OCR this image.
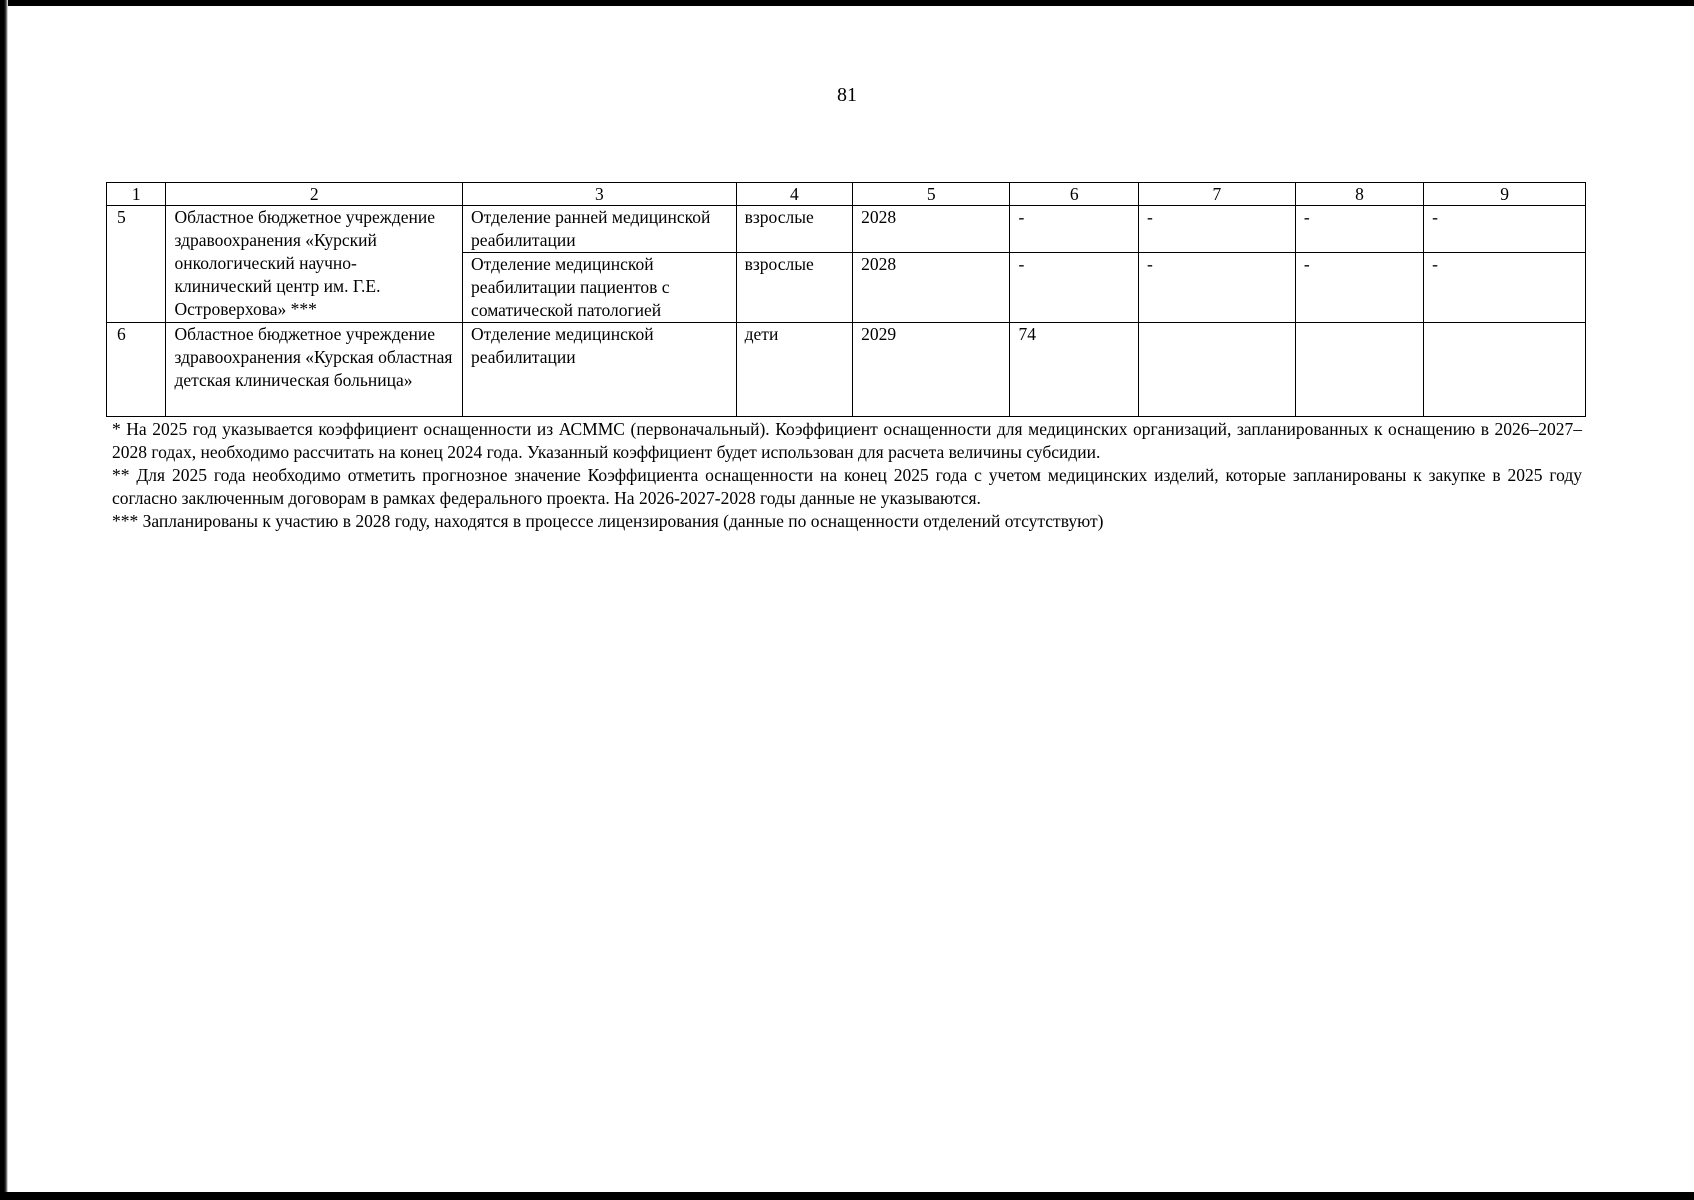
81
1	2	3	4	5	6	7	8	9
5	Областное бюджетное учреждение здравоохранения «Курский онкологический научно-клинический центр им. Г.Е. Островерхова» ***	Отделение ранней медицинской реабилитации	взрослые	2028	-	-	-	-
		Отделение медицинской реабилитации пациентов с соматической патологией	взрослые	2028	-	-	-	-
6	Областное бюджетное учреждение здравоохранения «Курская областная детская клиническая больница»	Отделение медицинской реабилитации	дети	2029	74			

* На 2025 год указывается коэффициент оснащенности из АСММС (первоначальный). Коэффициент оснащенности для медицинских организаций, запланированных к оснащению в 2026–2027–2028 годах, необходимо рассчитать на конец 2024 года. Указанный коэффициент будет использован для расчета величины субсидии.

** Для 2025 года необходимо отметить прогнозное значение Коэффициента оснащенности на конец 2025 года с учетом медицинских изделий, которые запланированы к закупке в 2025 году согласно заключенным договорам в рамках федерального проекта. На 2026-2027-2028 годы данные не указываются.

*** Запланированы к участию в 2028 году, находятся в процессе лицензирования (данные по оснащенности отделений отсутствуют)
